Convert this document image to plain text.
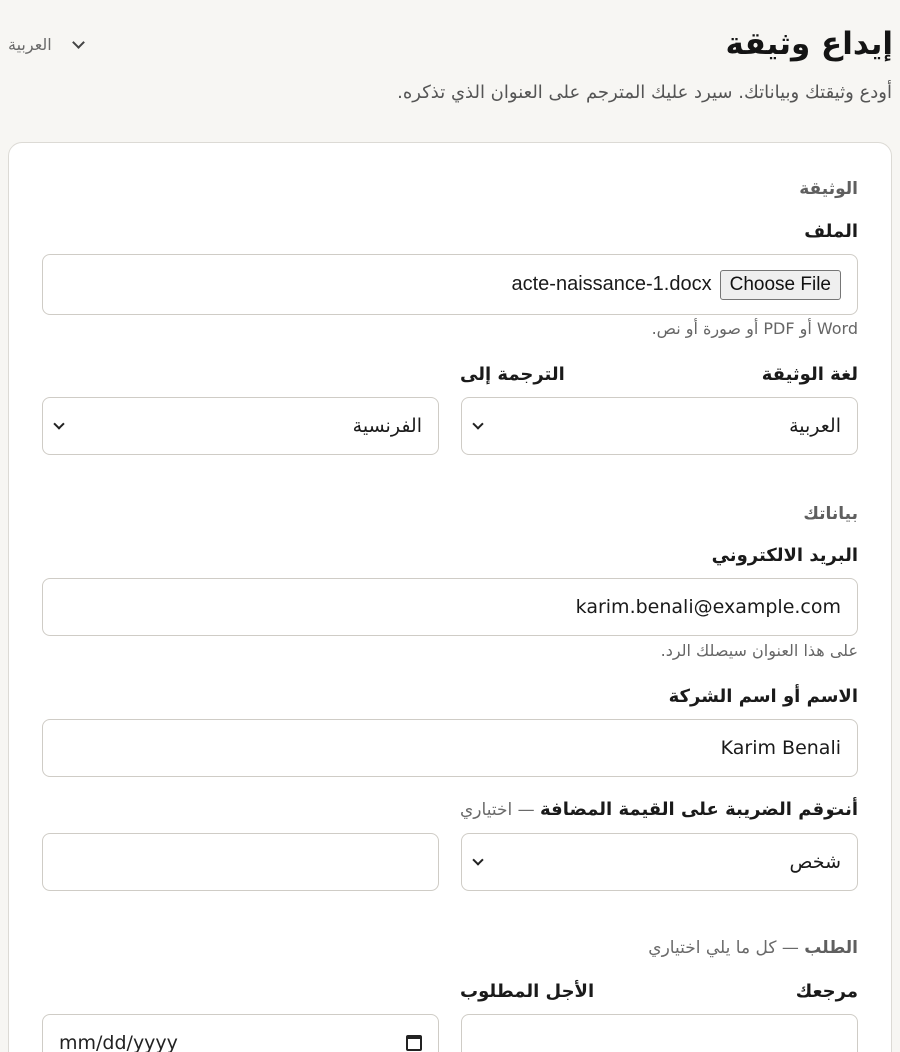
إيداع وثيقة
العربية

أودع وثيقتك وبياناتك. سيرد عليك المترجم على العنوان الذي تذكره.

الوثيقة
الملف
Choose File
acte-naissance-1.docx
Word أو PDF أو صورة أو نص.
لغة الوثيقة
الترجمة إلى
العربية
الفرنسية
بياناتك
البريد الالكتروني
karim.benali@example.com
على هذا العنوان سيصلك الرد.
الاسم أو اسم الشركة
Karim Benali
أنت
رقم الضريبة على القيمة المضافة — اختياري
شخص
الطلب — كل ما يلي اختياري
مرجعك
الأجل المطلوب
mm/dd/yyyy
